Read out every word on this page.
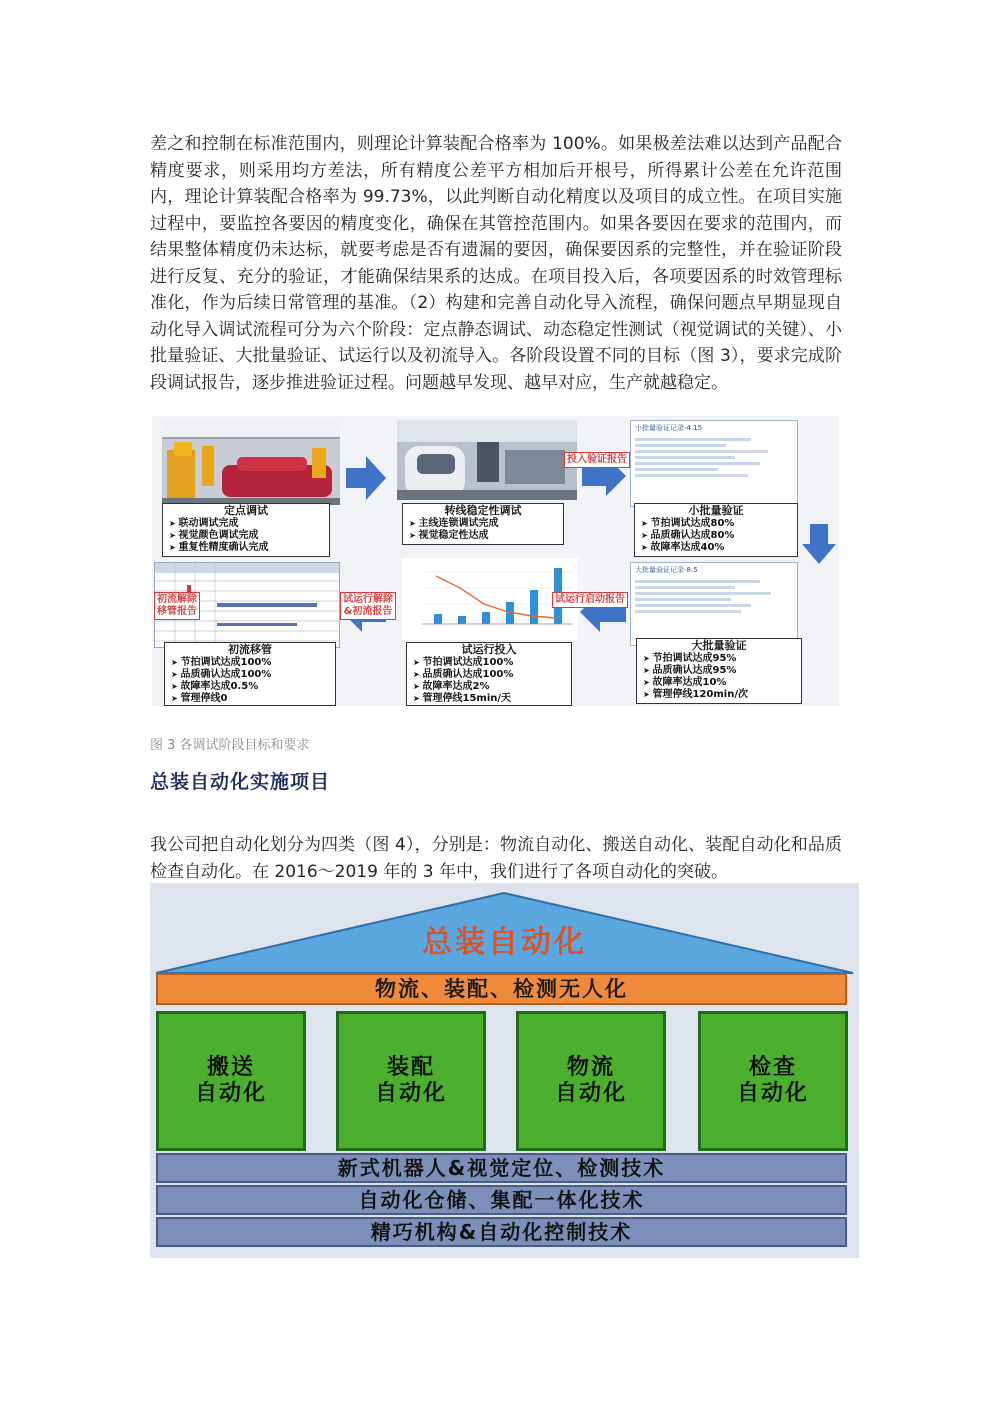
差之和控制在标准范围内，则理论计算装配合格率为 100%。如果极差法难以达到产品配合精度要求，则采用均方差法，所有精度公差平方相加后开根号，所得累计公差在允许范围内，理论计算装配合格率为 99.73%，以此判断自动化精度以及项目的成立性。在项目实施过程中，要监控各要因的精度变化，确保在其管控范围内。如果各要因在要求的范围内，而结果整体精度仍未达标，就要考虑是否有遗漏的要因，确保要因系的完整性，并在验证阶段进行反复、充分的验证，才能确保结果系的达成。在项目投入后，各项要因系的时效管理标准化，作为后续日常管理的基准。（2）构建和完善自动化导入流程，确保问题点早期显现自动化导入调试流程可分为六个阶段：定点静态调试、动态稳定性测试（视觉调试的关键）、小批量验证、大批量验证、试运行以及初流导入。各阶段设置不同的目标（图 3），要求完成阶段调试报告，逐步推进验证过程。问题越早发现、越早对应，生产就越稳定。

定点调试
➤ 联动调试完成
➤ 视觉颜色调试完成
➤ 重复性精度确认完成
转线稳定性调试
➤ 主线连锁调试完成
➤ 视觉稳定性达成
投入验证报告
小批量验证记录-4.15
小批量验证
➤ 节拍调试达成80%
➤ 品质确认达成80%
➤ 故障率达成40%
初流解除
移管报告
试运行解除
&初流报告
试运行启动报告
大批量验证记录-8.5
初流移管
➤ 节拍调试达成100%
➤ 品质确认达成100%
➤ 故障率达成0.5%
➤ 管理停线0
试运行投入
➤ 节拍调试达成100%
➤ 品质确认达成100%
➤ 故障率达成2%
➤ 管理停线15min/天
大批量验证
➤ 节拍调试达成95%
➤ 品质确认达成95%
➤ 故障率达成10%
➤ 管理停线120min/次
图 3 各调试阶段目标和要求
总装自动化实施项目

我公司把自动化划分为四类（图 4），分别是：物流自动化、搬送自动化、装配自动化和品质检查自动化。在 2016～2019 年的 3 年中，我们进行了各项自动化的突破。

总装自动化
物流、装配、检测无人化
搬送
自动化
装配
自动化
物流
自动化
检查
自动化
新式机器人&视觉定位、检测技术
自动化仓储、集配一体化技术
精巧机构&自动化控制技术
